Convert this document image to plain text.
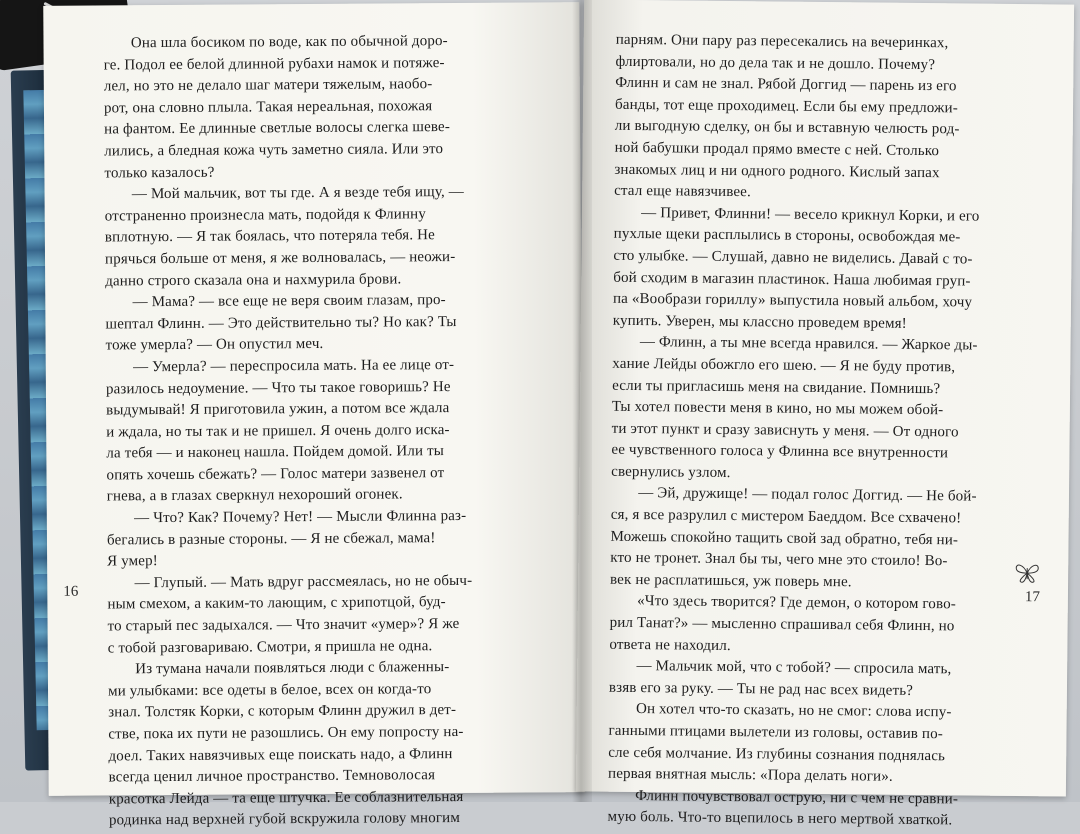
Она шла босиком по воде, как по обычной доро-
ге. Подол ее белой длинной рубахи намок и потяже-
лел, но это не делало шаг матери тяжелым, наобо-
рот, она словно плыла. Такая нереальная, похожая
на фантом. Ее длинные светлые волосы слегка шеве-
лились, а бледная кожа чуть заметно сияла. Или это
только казалось?
— Мой мальчик, вот ты где. А я везде тебя ищу, —
отстраненно произнесла мать, подойдя к Флинну
вплотную. — Я так боялась, что потеряла тебя. Не
прячься больше от меня, я же волновалась, — неожи-
данно строго сказала она и нахмурила брови.
— Мама? — все еще не веря своим глазам, про-
шептал Флинн. — Это действительно ты? Но как? Ты
тоже умерла? — Он опустил меч.
— Умерла? — переспросила мать. На ее лице от-
разилось недоумение. — Что ты такое говоришь? Не
выдумывай! Я приготовила ужин, а потом все ждала
и ждала, но ты так и не пришел. Я очень долго иска-
ла тебя — и наконец нашла. Пойдем домой. Или ты
опять хочешь сбежать? — Голос матери зазвенел от
гнева, а в глазах сверкнул нехороший огонек.
— Что? Как? Почему? Нет! — Мысли Флинна раз-
бегались в разные стороны. — Я не сбежал, мама!
Я умер!
— Глупый. — Мать вдруг рассмеялась, но не обыч-
ным смехом, а каким-то лающим, с хрипотцой, буд-
то старый пес задыхался. — Что значит «умер»? Я же
с тобой разговариваю. Смотри, я пришла не одна.
Из тумана начали появляться люди с блаженны-
ми улыбками: все одеты в белое, всех он когда-то
знал. Толстяк Корки, с которым Флинн дружил в дет-
стве, пока их пути не разошлись. Он ему попросту на-
доел. Таких навязчивых еще поискать надо, а Флинн
всегда ценил личное пространство. Темноволосая
красотка Лейда — та еще штучка. Ее соблазнительная
родинка над верхней губой вскружила голову многим
16
парням. Они пару раз пересекались на вечеринках,
флиртовали, но до дела так и не дошло. Почему?
Флинн и сам не знал. Рябой Доггид — парень из его
банды, тот еще проходимец. Если бы ему предложи-
ли выгодную сделку, он бы и вставную челюсть род-
ной бабушки продал прямо вместе с ней. Столько
знакомых лиц и ни одного родного. Кислый запах
стал еще навязчивее.
— Привет, Флинни! — весело крикнул Корки, и его
пухлые щеки расплылись в стороны, освобождая ме-
сто улыбке. — Слушай, давно не виделись. Давай с то-
бой сходим в магазин пластинок. Наша любимая груп-
па «Вообрази гориллу» выпустила новый альбом, хочу
купить. Уверен, мы классно проведем время!
— Флинн, а ты мне всегда нравился. — Жаркое ды-
хание Лейды обожгло его шею. — Я не буду против,
если ты пригласишь меня на свидание. Помнишь?
Ты хотел повести меня в кино, но мы можем обой-
ти этот пункт и сразу зависнуть у меня. — От одного
ее чувственного голоса у Флинна все внутренности
свернулись узлом.
— Эй, дружище! — подал голос Доггид. — Не бой-
ся, я все разрулил с мистером Баеддом. Все схвачено!
Можешь спокойно тащить свой зад обратно, тебя ни-
кто не тронет. Знал бы ты, чего мне это стоило! Во-
век не расплатишься, уж поверь мне.
«Что здесь творится? Где демон, о котором гово-
рил Танат?» — мысленно спрашивал себя Флинн, но
ответа не находил.
— Мальчик мой, что с тобой? — спросила мать,
взяв его за руку. — Ты не рад нас всех видеть?
Он хотел что-то сказать, но не смог: слова испу-
ганными птицами вылетели из головы, оставив по-
сле себя молчание. Из глубины сознания поднялась
первая внятная мысль: «Пора делать ноги».
Флинн почувствовал острую, ни с чем не сравни-
мую боль. Что-то вцепилось в него мертвой хваткой.
17
